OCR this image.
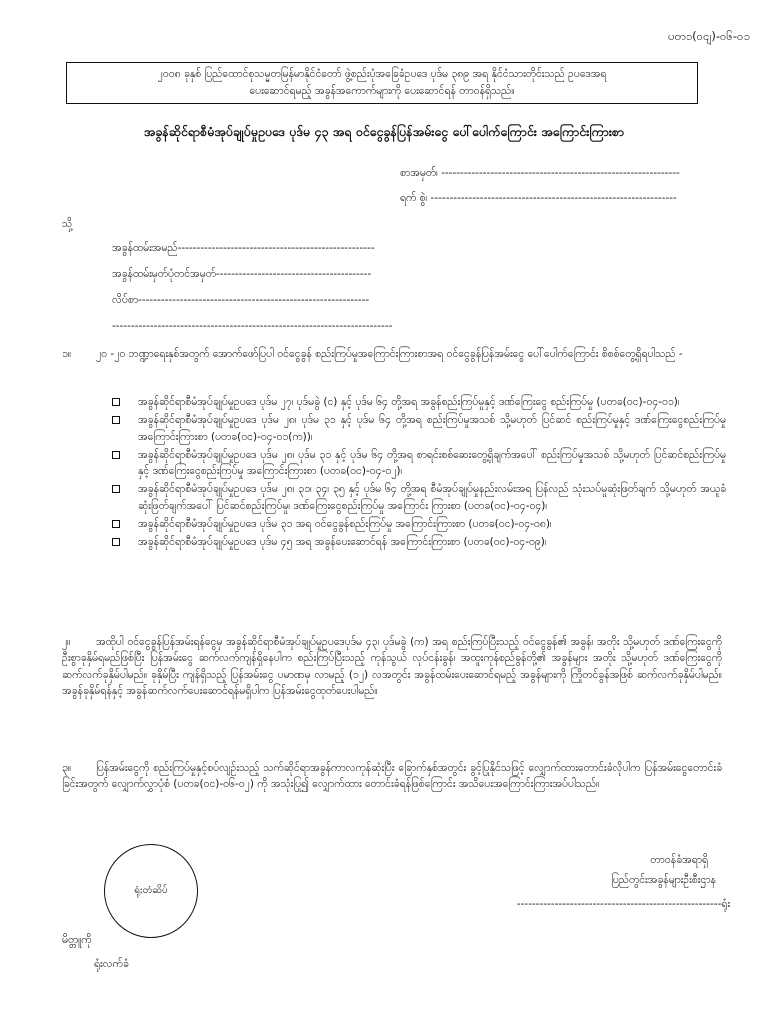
ပတ၁(၀ငျ)-၀၆-၀၁
၂၀၀၈ ခုနှစ် ပြည်ထောင်စုသမ္မတမြန်မာနိုင်ငံတော် ဖွဲ့စည်းပုံအခြေခံဥပဒေ ပုဒ်မ ၃၈၉ အရ နိုင်ငံသားတိုင်းသည် ဥပဒေအရ
ပေးဆောင်ရမည့် အခွန်အကောက်များကို ပေးဆောင်ရန် တာဝန်ရှိသည်။
အခွန်ဆိုင်ရာစီမံအုပ်ချုပ်မှုဥပဒေ ပုဒ်မ ၄၃ အရ ဝင်ငွေခွန်ပြန်အမ်းငွေ ပေါ်ပေါက်ကြောင်း အကြောင်းကြားစာ
စာအမှတ်၊ ---------------------------------------------------------------
ရက် စွဲ၊ -----------------------------------------------------------------
သို့
အခွန်ထမ်းအမည်----------------------------------------------------
အခွန်ထမ်းမှတ်ပုံတင်အမှတ်-----------------------------------------
လိပ်စာ-------------------------------------------------------------
--------------------------------------------------------------------------
၁။ ၂၀ -၂၀ ဘဏ္ဍာရေးနှစ်အတွက် အောက်ဖော်ပြပါ ဝင်ငွေခွန် စည်းကြပ်မှုအကြောင်းကြားစာအရ ဝင်ငွေခွန်ပြန်အမ်းငွေ ပေါ်ပေါက်ကြောင်း စိစစ်တွေ့ရှိရပါသည် -
အခွန်ဆိုင်ရာစီမံအုပ်ချုပ်မှုဥပဒေ ပုဒ်မ ၂၇၊ ပုဒ်မခွဲ (င) နှင့် ပုဒ်မ ၆၄ တို့အရ အခွန်စည်းကြပ်မှုနှင့် ဒဏ်ကြေးငွေ စည်းကြပ်မှု (ပတခ(ဝင)-၀၄-၀၁)၊
အခွန်ဆိုင်ရာစီမံအုပ်ချုပ်မှုဥပဒေ ပုဒ်မ ၂၈၊ ပုဒ်မ ၃၁ နှင့် ပုဒ်မ ၆၄ တို့အရ စည်းကြပ်မှုအသစ် သို့မဟုတ် ပြင်ဆင် စည်းကြပ်မှုနှင့် ဒဏ်ကြေးငွေစည်းကြပ်မှု အကြောင်းကြားစာ (ပတခ(ဝင)-၀၄-၀၁(က))၊
အခွန်ဆိုင်ရာစီမံအုပ်ချုပ်မှုဥပဒေ ပုဒ်မ ၂၈၊ ပုဒ်မ ၃၁ နှင့် ပုဒ်မ ၆၄ တို့အရ စာရင်းစစ်ဆေးတွေ့ရှိချက်အပေါ် စည်းကြပ်မှုအသစ် သို့မဟုတ် ပြင်ဆင်စည်းကြပ်မှုနှင့် ဒဏ်ကြေးငွေစည်းကြပ်မှု အကြောင်းကြားစာ (ပတခ(ဝင)-၀၄-၀၂)၊
အခွန်ဆိုင်ရာစီမံအုပ်ချုပ်မှုဥပဒေ ပုဒ်မ ၂၈၊ ၃၁၊ ၃၄၊ ၃၅ နှင့် ပုဒ်မ ၆၄ တို့အရ စီမံအုပ်ချုပ်မှုနည်းလမ်းအရ ပြန်လည် သုံးသပ်မှုဆုံးဖြတ်ချက် သို့မဟုတ် အယူခံဆုံးဖြတ်ချက်အပေါ် ပြင်ဆင်စည်းကြပ်မှု၊ ဒဏ်ကြေးငွေစည်းကြပ်မှု အကြောင်း ကြားစာ (ပတခ(ဝင)-၀၄-၀၄)၊
အခွန်ဆိုင်ရာစီမံအုပ်ချုပ်မှုဥပဒေ ပုဒ်မ ၃၁ အရ ဝင်ငွေခွန်စည်းကြပ်မှု အကြောင်းကြားစာ (ပတခ(ဝင)-၀၄-၀၈)၊
အခွန်ဆိုင်ရာစီမံအုပ်ချုပ်မှုဥပဒေ ပုဒ်မ ၄၅ အရ အခွန်ပေးဆောင်ရန် အကြောင်းကြားစာ (ပတခ(ဝင)-၀၄-၀၉)၊
၂။ အထိုပါ ဝင်ငွေခွန်ပြန်အမ်းရန်ငွေမှ အခွန်ဆိုင်ရာစီမံအုပ်ချုပ်မှုဥပဒေပုဒ်မ ၄၃၊ ပုဒ်မခွဲ (က) အရ စည်းကြပ်ပြီးသည့် ဝင်ငွေခွန်၏ အခွန်၊ အတိုး သို့မဟုတ် ဒဏ်ကြေးငွေကို ဦးစွာခုနှိမ်ရမည်ဖြစ်ပြီး ပြန်အမ်းငွေ ဆက်လက်ကျန်ရှိနေပါက စည်းကြပ်ပြီးသည့် ကုန်သွယ် လုပ်ငန်းခွန်၊ အထူးကုန်စည်ခွန်တို့၏ အခွန်များ အတိုး သို့မဟုတ် ဒဏ်ကြေးငွေကို ဆက်လက်ခုနှိမ်ပါမည်။ ခုနှိမ်ပြီး ကျန်ရှိသည့် ပြန်အမ်းငွေ ပမာဏမှ လာမည့် (၁၂) လအတွင်း အခွန်ထမ်းပေးဆောင်ရမည့် အခွန်များကို ကြိုတင်ခွန်အဖြစ် ဆက်လက်ခုနှိမ်ပါမည်။ အခွန်ခုနှိမ်ရန်နှင့် အခွန်ဆက်လက်ပေးဆောင်ရန်မရှိပါက ပြန်အမ်းငွေထုတ်ပေးပါမည်။
၃။ ပြန်အမ်းငွေကို စည်းကြပ်မှုနှင့်စပ်လျဉ်းသည့် သက်ဆိုင်ရာအခွန်ကာလကုန်ဆုံးပြီး ခြောက်နှစ်အတွင်း ခွင့်ပြုနိုင်သဖြင့် လျှောက်ထားတောင်းခံလိုပါက ပြန်အမ်းငွေတောင်းခံခြင်းအတွက် လျှောက်လွှာပုံစံ (ပတခ(ဝင)-၀၆-၀၂) ကို အသုံးပြု၍ လျှောက်ထား တောင်းခံရန်ဖြစ်ကြောင်း အသိပေးအကြောင်းကြားအပ်ပါသည်။
ရုံးတံဆိပ်
တာဝန်ခံအရာရှိ
ပြည်တွင်းအခွန်များဦးစီးဌာန
------------------------------------------------------ရုံး
မိတ္တူကို
ရုံးလက်ခံ
